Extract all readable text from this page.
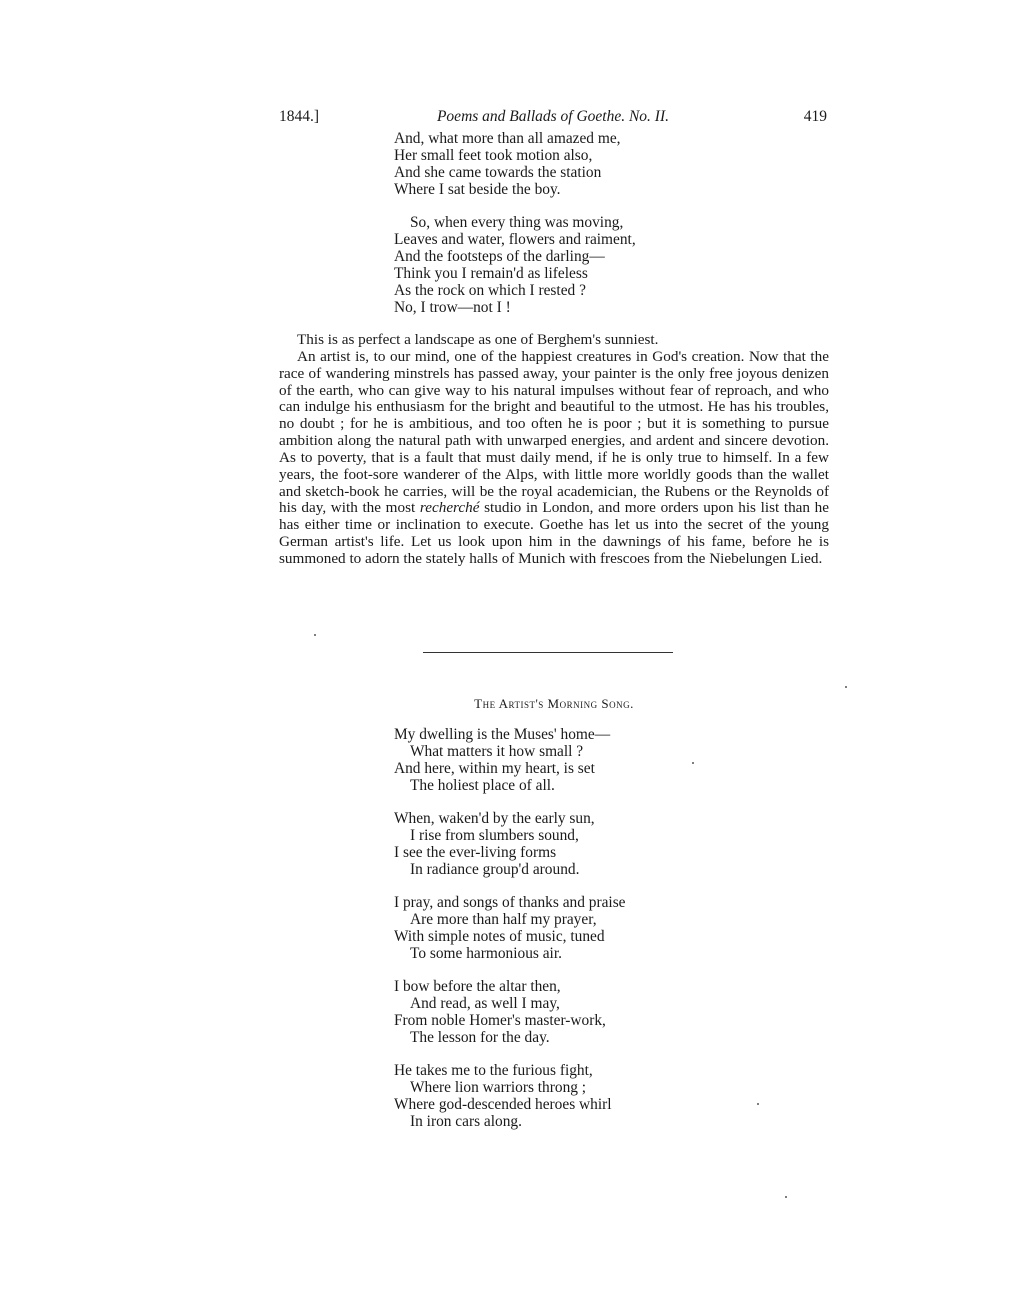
1844.]	Poems and Ballads of Goethe. No. II.	419
And, what more than all amazed me,
Her small feet took motion also,
And she came towards the station
Where I sat beside the boy.
So, when every thing was moving,
Leaves and water, flowers and raiment,
And the footsteps of the darling—
Think you I remain'd as lifeless
As the rock on which I rested ?
No, I trow—not I !

This is as perfect a landscape as one of Berghem's sunniest.

An artist is, to our mind, one of the happiest creatures in God's creation. Now that the race of wandering minstrels has passed away, your painter is the only free joyous denizen of the earth, who can give way to his natural impulses without fear of reproach, and who can indulge his enthusiasm for the bright and beautiful to the utmost. He has his troubles, no doubt ; for he is ambitious, and too often he is poor ; but it is something to pursue ambition along the natural path with unwarped energies, and ardent and sincere devotion. As to poverty, that is a fault that must daily mend, if he is only true to himself. In a few years, the foot-sore wanderer of the Alps, with little more worldly goods than the wallet and sketch-book he carries, will be the royal academician, the Rubens or the Reynolds of his day, with the most recherché studio in London, and more orders upon his list than he has either time or inclination to execute. Goethe has let us into the secret of the young German artist's life. Let us look upon him in the dawnings of his fame, before he is summoned to adorn the stately halls of Munich with frescoes from the Niebelungen Lied.

The Artist's Morning Song.
My dwelling is the Muses' home—
What matters it how small ?
And here, within my heart, is set
The holiest place of all.
When, waken'd by the early sun,
I rise from slumbers sound,
I see the ever-living forms
In radiance group'd around.
I pray, and songs of thanks and praise
Are more than half my prayer,
With simple notes of music, tuned
To some harmonious air.
I bow before the altar then,
And read, as well I may,
From noble Homer's master-work,
The lesson for the day.
He takes me to the furious fight,
Where lion warriors throng ;
Where god-descended heroes whirl
In iron cars along.
